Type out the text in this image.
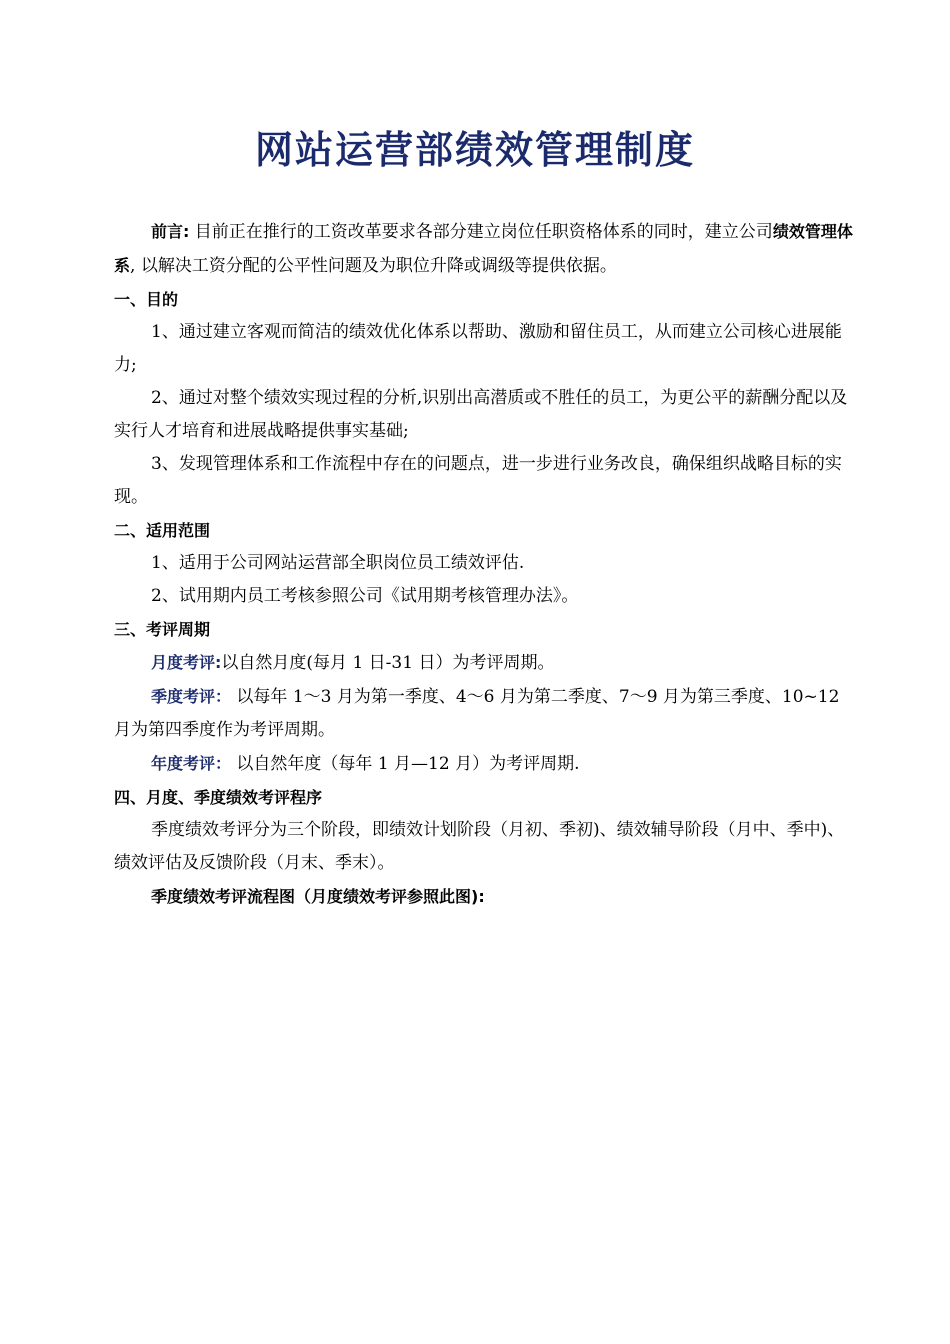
网站运营部绩效管理制度

前言: 目前正在推行的工资改革要求各部分建立岗位任职资格体系的同时，建立公司绩效管理体系, 以解决工资分配的公平性问题及为职位升降或调级等提供依据。

一、目的

1、通过建立客观而简洁的绩效优化体系以帮助、激励和留住员工，从而建立公司核心进展能力;

2、通过对整个绩效实现过程的分析,识别出高潜质或不胜任的员工，为更公平的薪酬分配以及实行人才培育和进展战略提供事实基础;

3、发现管理体系和工作流程中存在的问题点，进一步进行业务改良，确保组织战略目标的实现。

二、适用范围

1、适用于公司网站运营部全职岗位员工绩效评估.

2、试用期内员工考核参照公司《试用期考核管理办法》。

三、考评周期

月度考评:以自然月度(每月 1 日-31 日）为考评周期。

季度考评： 以每年 1～3 月为第一季度、4～6 月为第二季度、7～9 月为第三季度、10~12 月为第四季度作为考评周期。

年度考评： 以自然年度（每年 1 月—12 月）为考评周期.

四、月度、季度绩效考评程序

季度绩效考评分为三个阶段，即绩效计划阶段（月初、季初)、绩效辅导阶段（月中、季中)、绩效评估及反馈阶段（月末、季末）。

季度绩效考评流程图（月度绩效考评参照此图):
